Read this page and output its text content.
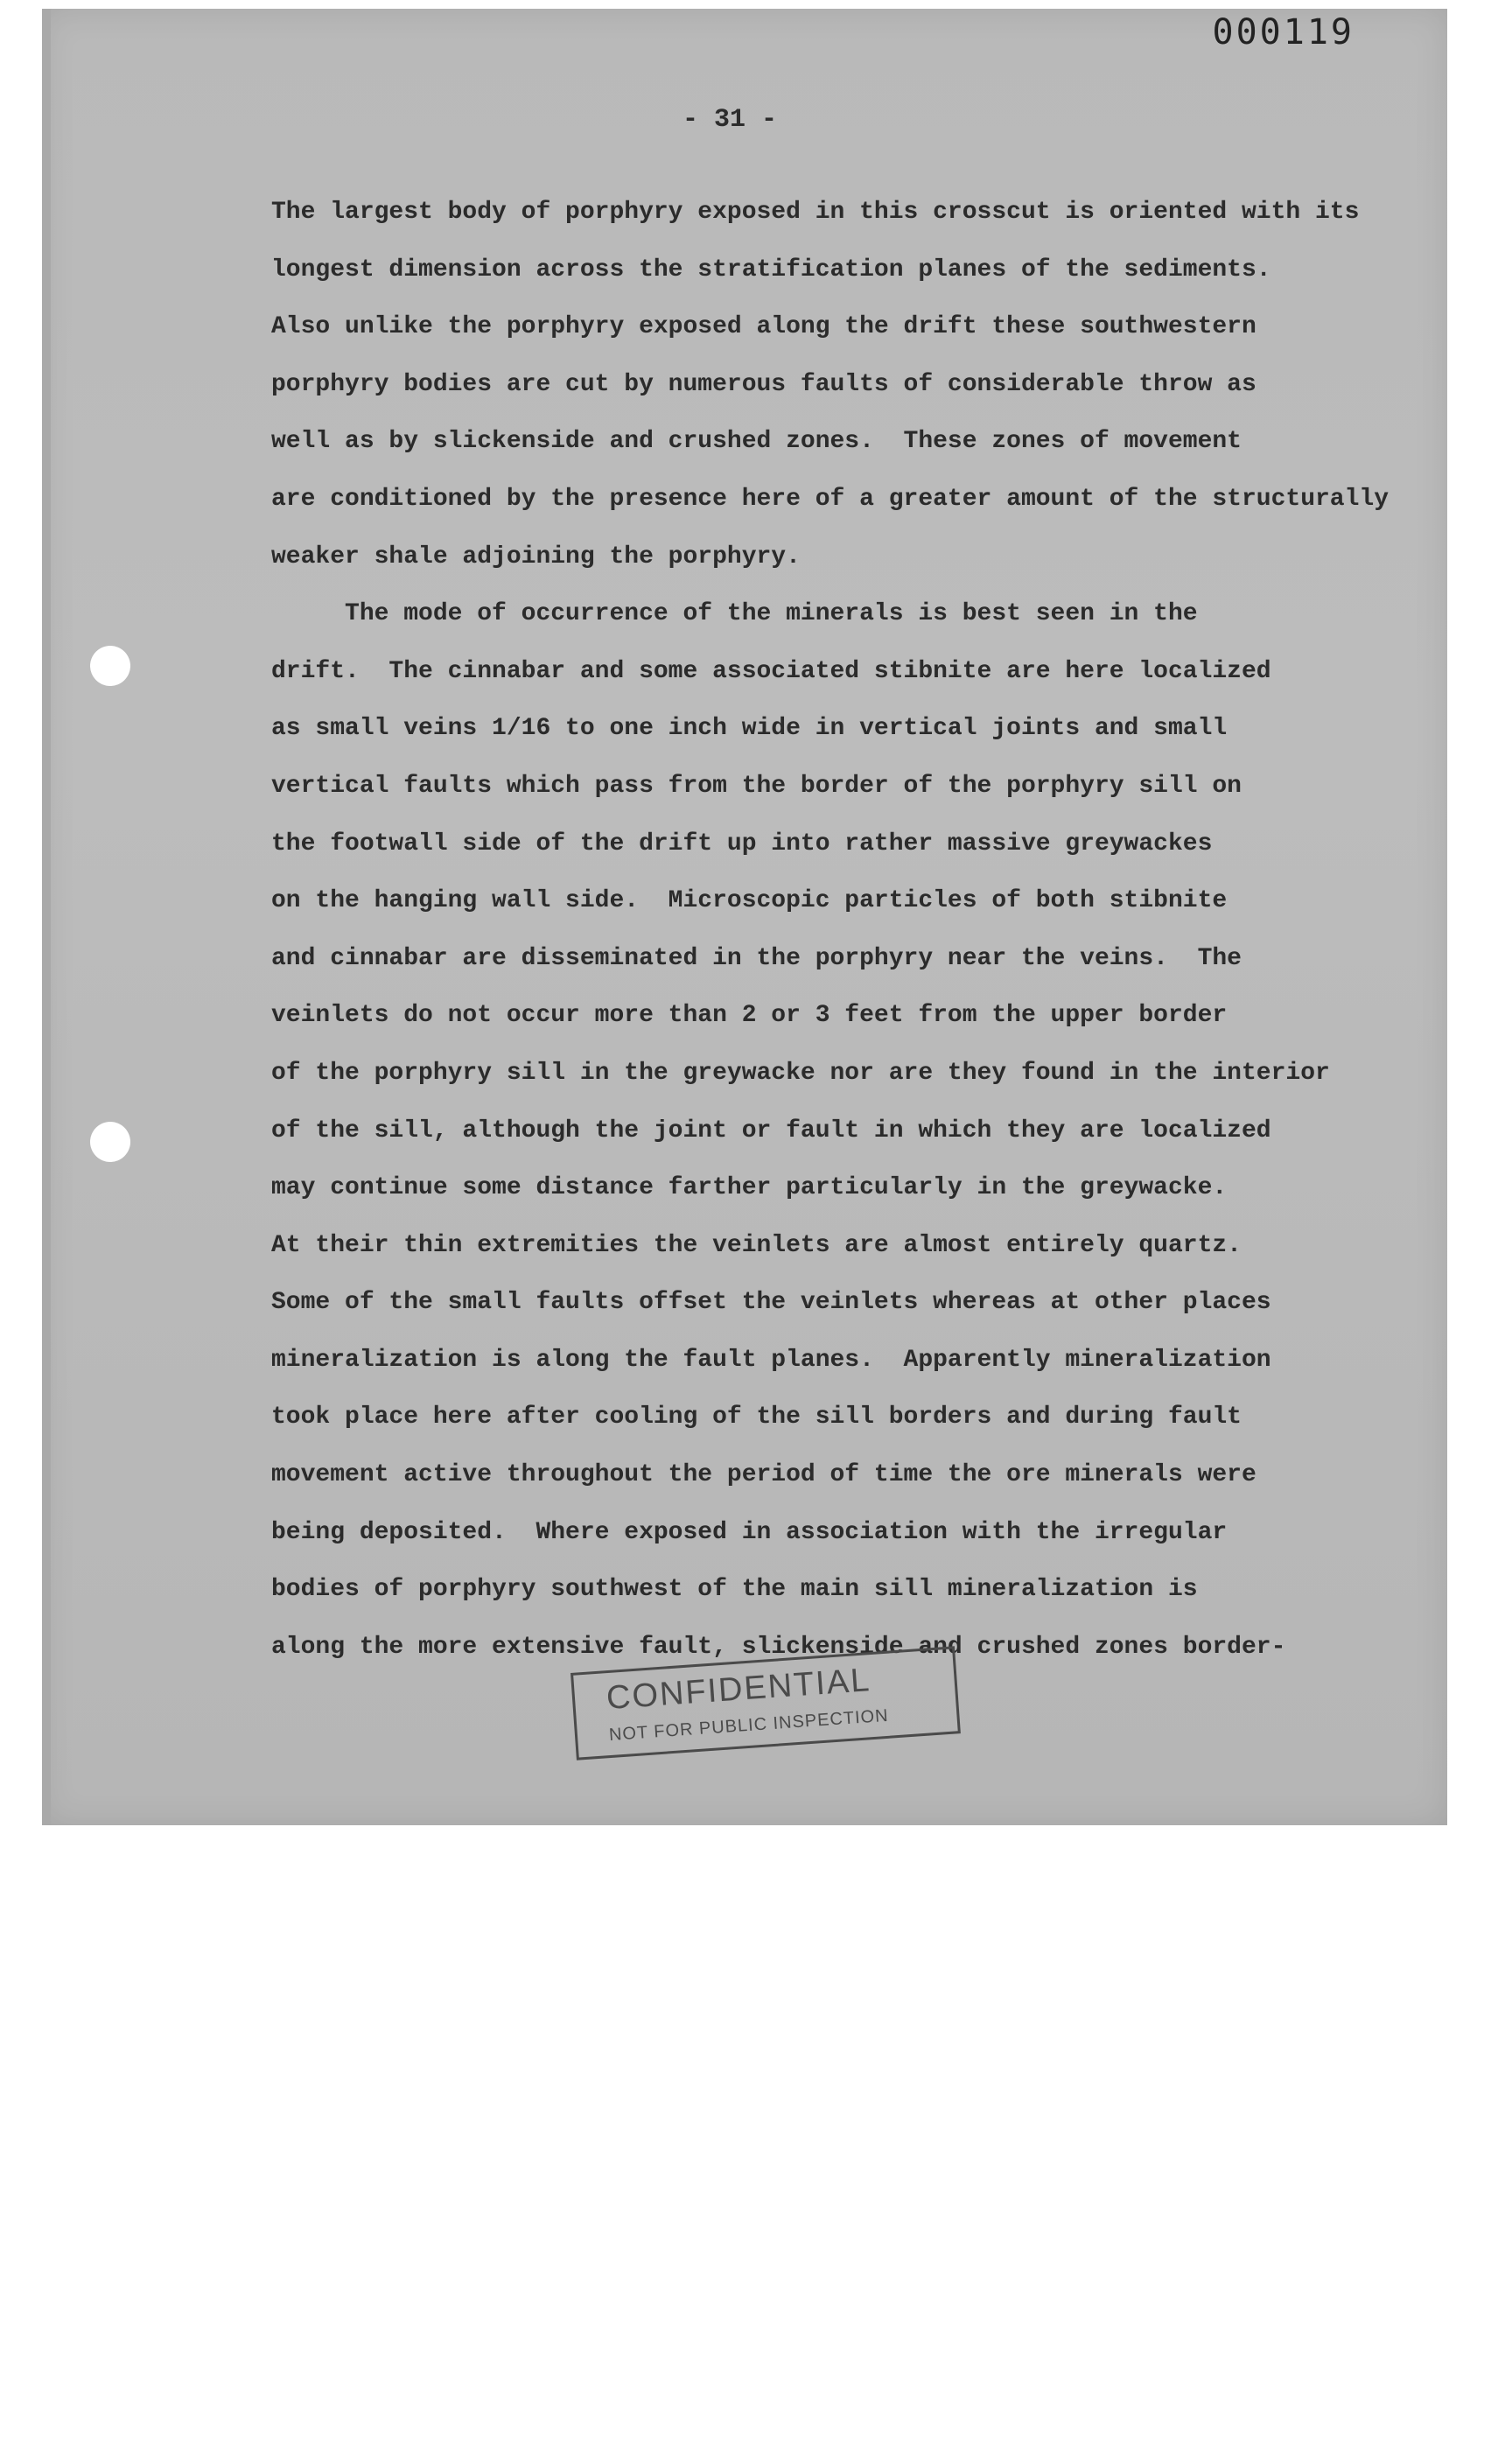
000119
- 31 -
The largest body of porphyry exposed in this crosscut is oriented with its
longest dimension across the stratification planes of the sediments.
Also unlike the porphyry exposed along the drift these southwestern
porphyry bodies are cut by numerous faults of considerable throw as
well as by slickenside and crushed zones.  These zones of movement
are conditioned by the presence here of a greater amount of the structurally
weaker shale adjoining the porphyry.
The mode of occurrence of the minerals is best seen in the
drift.  The cinnabar and some associated stibnite are here localized
as small veins 1/16 to one inch wide in vertical joints and small
vertical faults which pass from the border of the porphyry sill on
the footwall side of the drift up into rather massive greywackes
on the hanging wall side.  Microscopic particles of both stibnite
and cinnabar are disseminated in the porphyry near the veins.  The
veinlets do not occur more than 2 or 3 feet from the upper border
of the porphyry sill in the greywacke nor are they found in the interior
of the sill, although the joint or fault in which they are localized
may continue some distance farther particularly in the greywacke.
At their thin extremities the veinlets are almost entirely quartz.
Some of the small faults offset the veinlets whereas at other places
mineralization is along the fault planes.  Apparently mineralization
took place here after cooling of the sill borders and during fault
movement active throughout the period of time the ore minerals were
being deposited.  Where exposed in association with the irregular
bodies of porphyry southwest of the main sill mineralization is
along the more extensive fault, slickenside and crushed zones border-
CONFIDENTIAL
NOT FOR PUBLIC INSPECTION
